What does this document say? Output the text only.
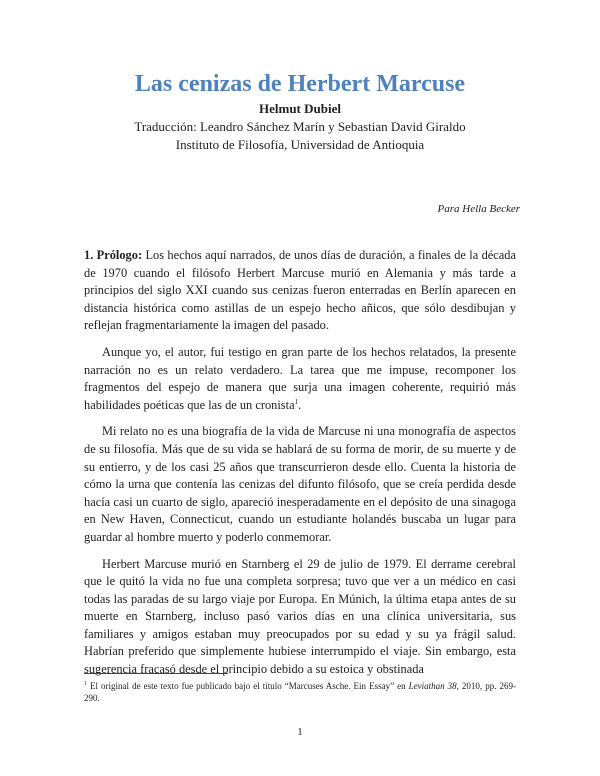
Las cenizas de Herbert Marcuse
Helmut Dubiel
Traducción: Leandro Sánchez Marín y Sebastian David Giraldo
Instituto de Filosofía, Universidad de Antioquia
Para Hella Becker

1. Prólogo: Los hechos aquí narrados, de unos días de duración, a finales de la década de 1970 cuando el filósofo Herbert Marcuse murió en Alemania y más tarde a principios del siglo XXI cuando sus cenizas fueron enterradas en Berlín aparecen en distancia histórica como astillas de un espejo hecho añicos, que sólo desdibujan y reflejan fragmentariamente la imagen del pasado.

Aunque yo, el autor, fui testigo en gran parte de los hechos relatados, la presente narración no es un relato verdadero. La tarea que me impuse, recomponer los fragmentos del espejo de manera que surja una imagen coherente, requirió más habilidades poéticas que las de un cronista$^1$.

Mi relato no es una biografía de la vida de Marcuse ni una monografía de aspectos de su filosofía. Más que de su vida se hablará de su forma de morir, de su muerte y de su entierro, y de los casi 25 años que transcurrieron desde ello. Cuenta la historia de cómo la urna que contenía las cenizas del difunto filósofo, que se creía perdida desde hacía casi un cuarto de siglo, apareció inesperadamente en el depósito de una sinagoga en New Haven, Connecticut, cuando un estudiante holandés buscaba un lugar para guardar al hombre muerto y poderlo conmemorar.

Herbert Marcuse murió en Starnberg el 29 de julio de 1979. El derrame cerebral que le quitó la vida no fue una completa sorpresa; tuvo que ver a un médico en casi todas las paradas de su largo viaje por Europa. En Múnich, la última etapa antes de su muerte en Starnberg, incluso pasó varios días en una clínica universitaria, sus familiares y amigos estaban muy preocupados por su edad y su ya frágil salud. Habrían preferido que simplemente hubiese interrumpido el viaje. Sin embargo, esta sugerencia fracasó desde el principio debido a su estoica y obstinada

$^1$ El original de este texto fue publicado bajo el título “Marcuses Asche. Ein Essay” en Leviathan 38, 2010, pp. 269-290.
1
